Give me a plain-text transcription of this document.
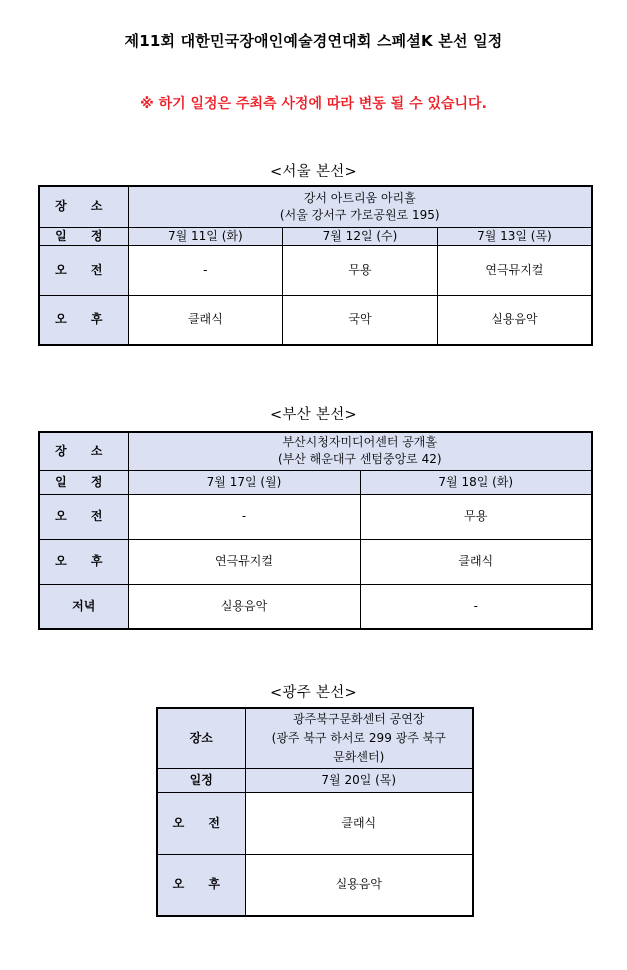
제11회 대한민국장애인예술경연대회 스페셜K 본선 일정
※ 하기 일정은 주최측 사정에 따라 변동 될 수 있습니다.
<서울 본선>
장 소	강서 아트리움 아리홀
(서울 강서구 가로공원로 195)		

일 정	7월 11일 (화)	7월 12일 (수)	7월 13일 (목)
오 전	-	무용	연극뮤지컬
오 후	클래식	국악	실용음악
<부산 본선>
장 소	부산시청자미디어센터 공개홀
(부산 해운대구 센텀중앙로 42)	

일 정	7월 17일 (월)	7월 18일 (화)
오 전	-	무용
오 후	연극뮤지컬	클래식
저녁	실용음악	-
<광주 본선>
장소	광주북구문화센터 공연장
(광주 북구 하서로 299 광주 북구
문화센터)

일정	7월 20일 (목)
오 전	클래식
오 후	실용음악
